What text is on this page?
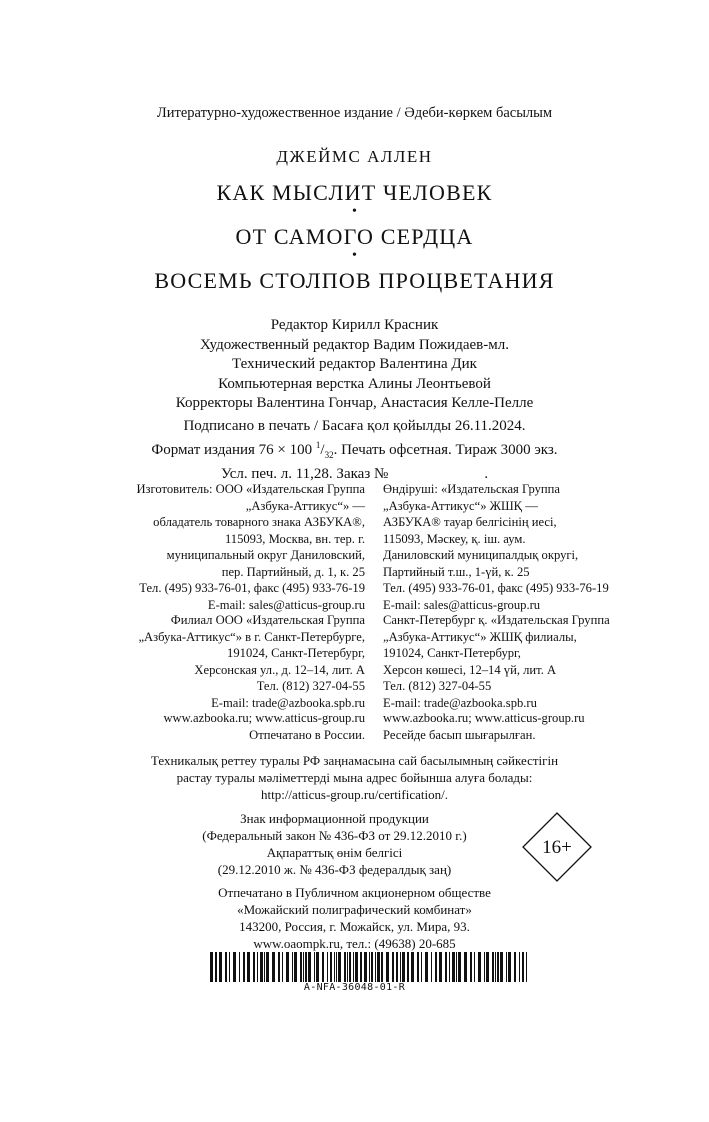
Литературно-художественное издание / Әдеби-көркем басылым
ДЖЕЙМС АЛЛЕН
КАК МЫСЛИТ ЧЕЛОВЕК
•
ОТ САМОГО СЕРДЦА
•
ВОСЕМЬ СТОЛПОВ ПРОЦВЕТАНИЯ
Редактор Кирилл Красник
Художественный редактор Вадим Пожидаев-мл.
Технический редактор Валентина Дик
Компьютерная верстка Алины Леонтьевой
Корректоры Валентина Гончар, Анастасия Келле-Пелле
Подписано в печать / Басаға қол қойылды 26.11.2024.
Формат издания 76 × 100 $^1/_{32}$. Печать офсетная. Тираж 3000 экз.
Усл. печ. л. 11,28. Заказ №	.
Изготовитель: ООО «Издательская Группа
„Азбука-Аттикус“» —
обладатель товарного знака АЗБУКА®,
115093, Москва, вн. тер. г.
муниципальный округ Даниловский,
пер. Партийный, д. 1, к. 25
Тел. (495) 933-76-01, факс (495) 933-76-19
E-mail: sales@atticus-group.ru
Филиал ООО «Издательская Группа
„Азбука-Аттикус“» в г. Санкт-Петербурге,
191024, Санкт-Петербург,
Херсонская ул., д. 12–14, лит. А
Тел. (812) 327-04-55
E-mail: trade@azbooka.spb.ru
www.azbooka.ru; www.atticus-group.ru
Отпечатано в России.
Өндіруші: «Издательская Группа
„Азбука-Аттикус“» ЖШҚ —
АЗБУКА® тауар белгісінің иесі,
115093, Мәскеу, қ. іш. аум.
Даниловский муниципалдық округі,
Партийный т.ш., 1-үй, к. 25
Тел. (495) 933-76-01, факс (495) 933-76-19
E-mail: sales@atticus-group.ru
Санкт-Петербург қ. «Издательская Группа
„Азбука-Аттикус“» ЖШҚ филиалы,
191024, Санкт-Петербург,
Херсон көшесі, 12–14 үй, лит. А
Тел. (812) 327-04-55
E-mail: trade@azbooka.spb.ru
www.azbooka.ru; www.atticus-group.ru
Ресейде басып шығарылған.
Техникалық реттеу туралы РФ заңнамасына сай басылымның сәйкестігін
растау туралы мәліметтерді мына адрес бойынша алуға болады:
http://atticus-group.ru/certification/.
Знак информационной продукции
(Федеральный закон № 436-ФЗ от 29.12.2010 г.)
Ақпараттық өнім белгісі
(29.12.2010 ж. № 436-ФЗ федералдық заң)
16+
Отпечатано в Публичном акционерном обществе
«Можайский полиграфический комбинат»
143200, Россия, г. Можайск, ул. Мира, 93.
www.oaompk.ru, тел.: (49638) 20-685
A-NFA-36048-01-R
